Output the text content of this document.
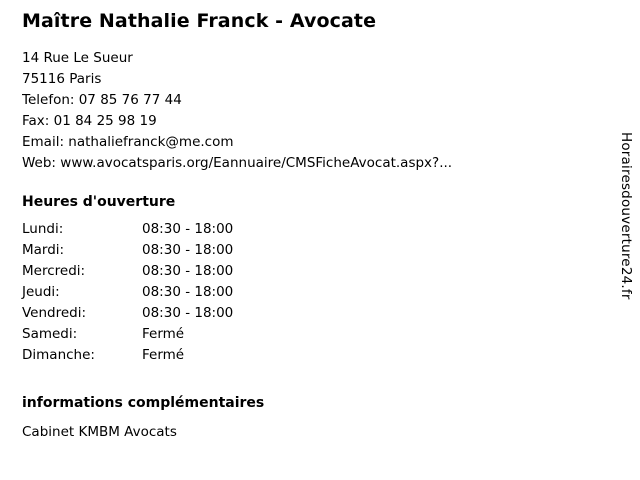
Maître Nathalie Franck - Avocate

14 Rue Le Sueur

75116 Paris

Telefon: 07 85 76 77 44

Fax: 01 84 25 98 19

Email: nathaliefranck@me.com

Web: www.avocatsparis.org/Eannuaire/CMSFicheAvocat.aspx?...

Heures d'ouverture
Lundi:	08:30 - 18:00
Mardi:	08:30 - 18:00
Mercredi:	08:30 - 18:00
Jeudi:	08:30 - 18:00
Vendredi:	08:30 - 18:00
Samedi:	Fermé
Dimanche:	Fermé
informations complémentaires
Cabinet KMBM Avocats
Horairesdouverture24.fr
